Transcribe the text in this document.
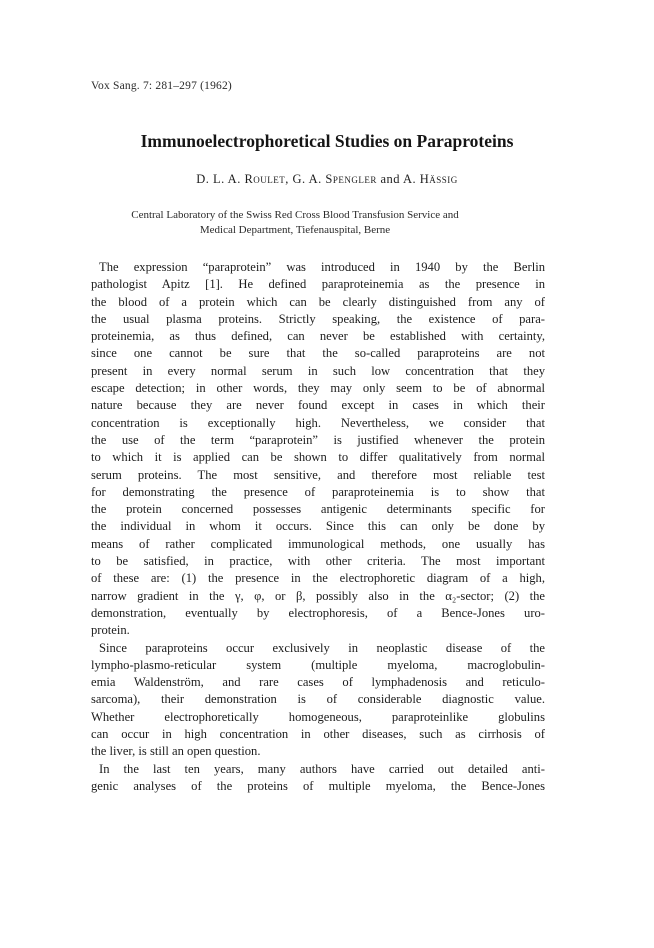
Vox Sang. 7: 281–297 (1962)
Immunoelectrophoretical Studies on Paraproteins
D. L. A. Roulet, G. A. Spengler and A. Hässig
Central Laboratory of the Swiss Red Cross Blood Transfusion Service and
Medical Department, Tiefenauspital, Berne
The expression “paraprotein” was introduced in 1940 by the Berlin
pathologist Apitz [1]. He defined paraproteinemia as the presence in
the blood of a protein which can be clearly distinguished from any of
the usual plasma proteins. Strictly speaking, the existence of para-
proteinemia, as thus defined, can never be established with certainty,
since one cannot be sure that the so-called paraproteins are not
present in every normal serum in such low concentration that they
escape detection; in other words, they may only seem to be of abnormal
nature because they are never found except in cases in which their
concentration is exceptionally high. Nevertheless, we consider that
the use of the term “paraprotein” is justified whenever the protein
to which it is applied can be shown to differ qualitatively from normal
serum proteins. The most sensitive, and therefore most reliable test
for demonstrating the presence of paraproteinemia is to show that
the protein concerned possesses antigenic determinants specific for
the individual in whom it occurs. Since this can only be done by
means of rather complicated immunological methods, one usually has
to be satisfied, in practice, with other criteria. The most important
of these are: (1) the presence in the electrophoretic diagram of a high,
narrow gradient in the γ, φ, or β, possibly also in the α₂-sector; (2) the
demonstration, eventually by electrophoresis, of a Bence-Jones uro-
protein.
Since paraproteins occur exclusively in neoplastic disease of the
lympho-plasmo-reticular system (multiple myeloma, macroglobulin-
emia Waldenström, and rare cases of lymphadenosis and reticulo-
sarcoma), their demonstration is of considerable diagnostic value.
Whether electrophoretically homogeneous, paraproteinlike globulins
can occur in high concentration in other diseases, such as cirrhosis of
the liver, is still an open question.
In the last ten years, many authors have carried out detailed anti-
genic analyses of the proteins of multiple myeloma, the Bence-Jones
